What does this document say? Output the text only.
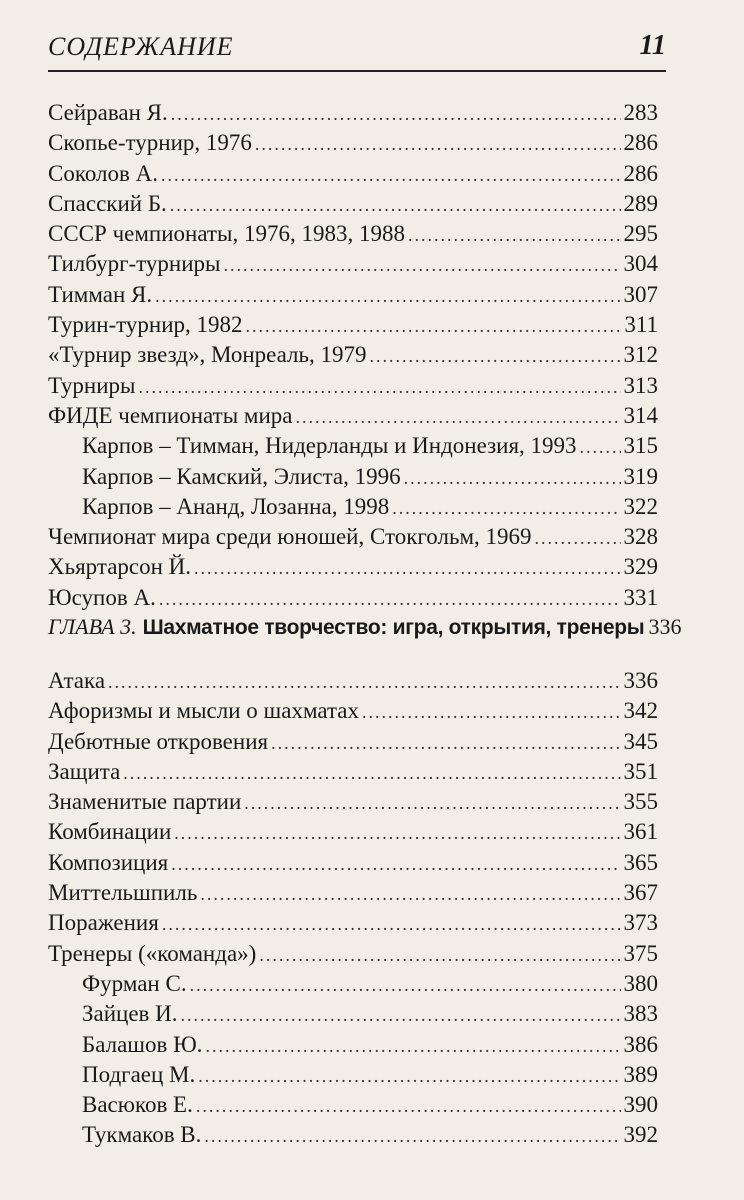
СОДЕРЖАНИЕ	11
Сейраван Я. .....	283
Скопье-турнир, 1976 .....	286
Соколов А. .....	286
Спасский Б. .....	289
СССР чемпионаты, 1976, 1983, 1988 .....	295
Тилбург-турниры .....	304
Тимман Я. .....	307
Турин-турнир, 1982 .....	311
«Турнир звезд», Монреаль, 1979 .....	312
Турниры .....	313
ФИДЕ чемпионаты мира .....	314
Карпов – Тимман, Нидерланды и Индонезия, 1993 ..... 315
Карпов – Камский, Элиста, 1996 .....	319
Карпов – Ананд, Лозанна, 1998 .....	322
Чемпионат мира среди юношей, Стокгольм, 1969 .....	328
Хьяртарсон Й. .....	329
Юсупов А. .....	331
ГЛАВА 3. Шахматное творчество: игра, открытия, тренеры 336
Атака .....	336
Афоризмы и мысли о шахматах .....	342
Дебютные откровения .....	345
Защита .....	351
Знаменитые партии .....	355
Комбинации .....	361
Композиция .....	365
Миттельшпиль .....	367
Поражения .....	373
Тренеры («команда») .....	375
Фурман С. .....	380
Зайцев И. .....	383
Балашов Ю. .....	386
Подгаец М. .....	389
Васюков Е. .....	390
Тукмаков В. .....	392
